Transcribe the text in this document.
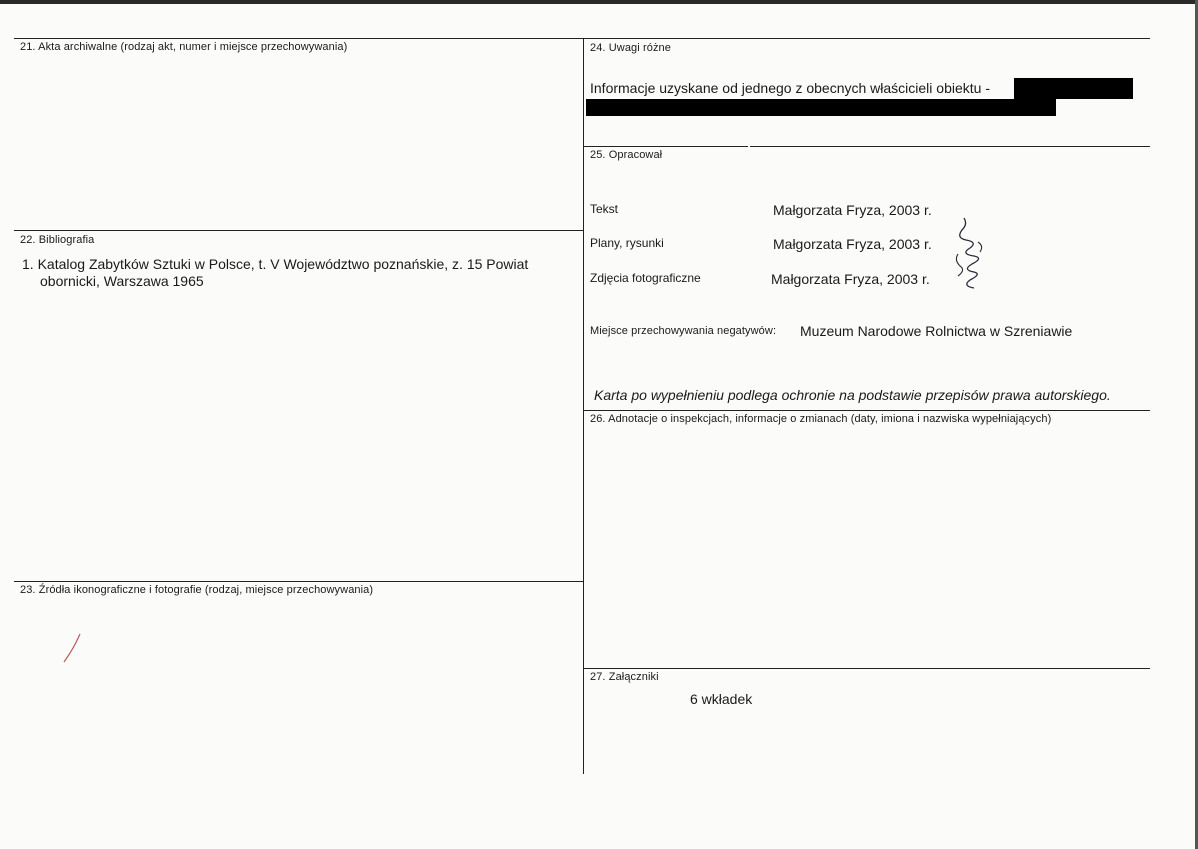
21. Akta archiwalne (rodzaj akt, numer i miejsce przechowywania)
22. Bibliografia
1. Katalog Zabytków Sztuki w Polsce, t. V Województwo poznańskie, z. 15 Powiat
obornicki, Warszawa 1965
23. Źródła ikonograficzne i fotografie (rodzaj, miejsce przechowywania)
24. Uwagi różne
Informacje uzyskane od jednego z obecnych właścicieli obiektu -
25. Opracował
Tekst	Małgorzata Fryza, 2003 r.
Plany, rysunki	Małgorzata Fryza, 2003 r.
Zdjęcia fotograficzne	Małgorzata Fryza, 2003 r.
Miejsce przechowywania negatywów: Muzeum Narodowe Rolnictwa w Szreniawie
Karta po wypełnieniu podlega ochronie na podstawie przepisów prawa autorskiego.
26. Adnotacje o inspekcjach, informacje o zmianach (daty, imiona i nazwiska wypełniających)
27. Załączniki
6 wkładek
